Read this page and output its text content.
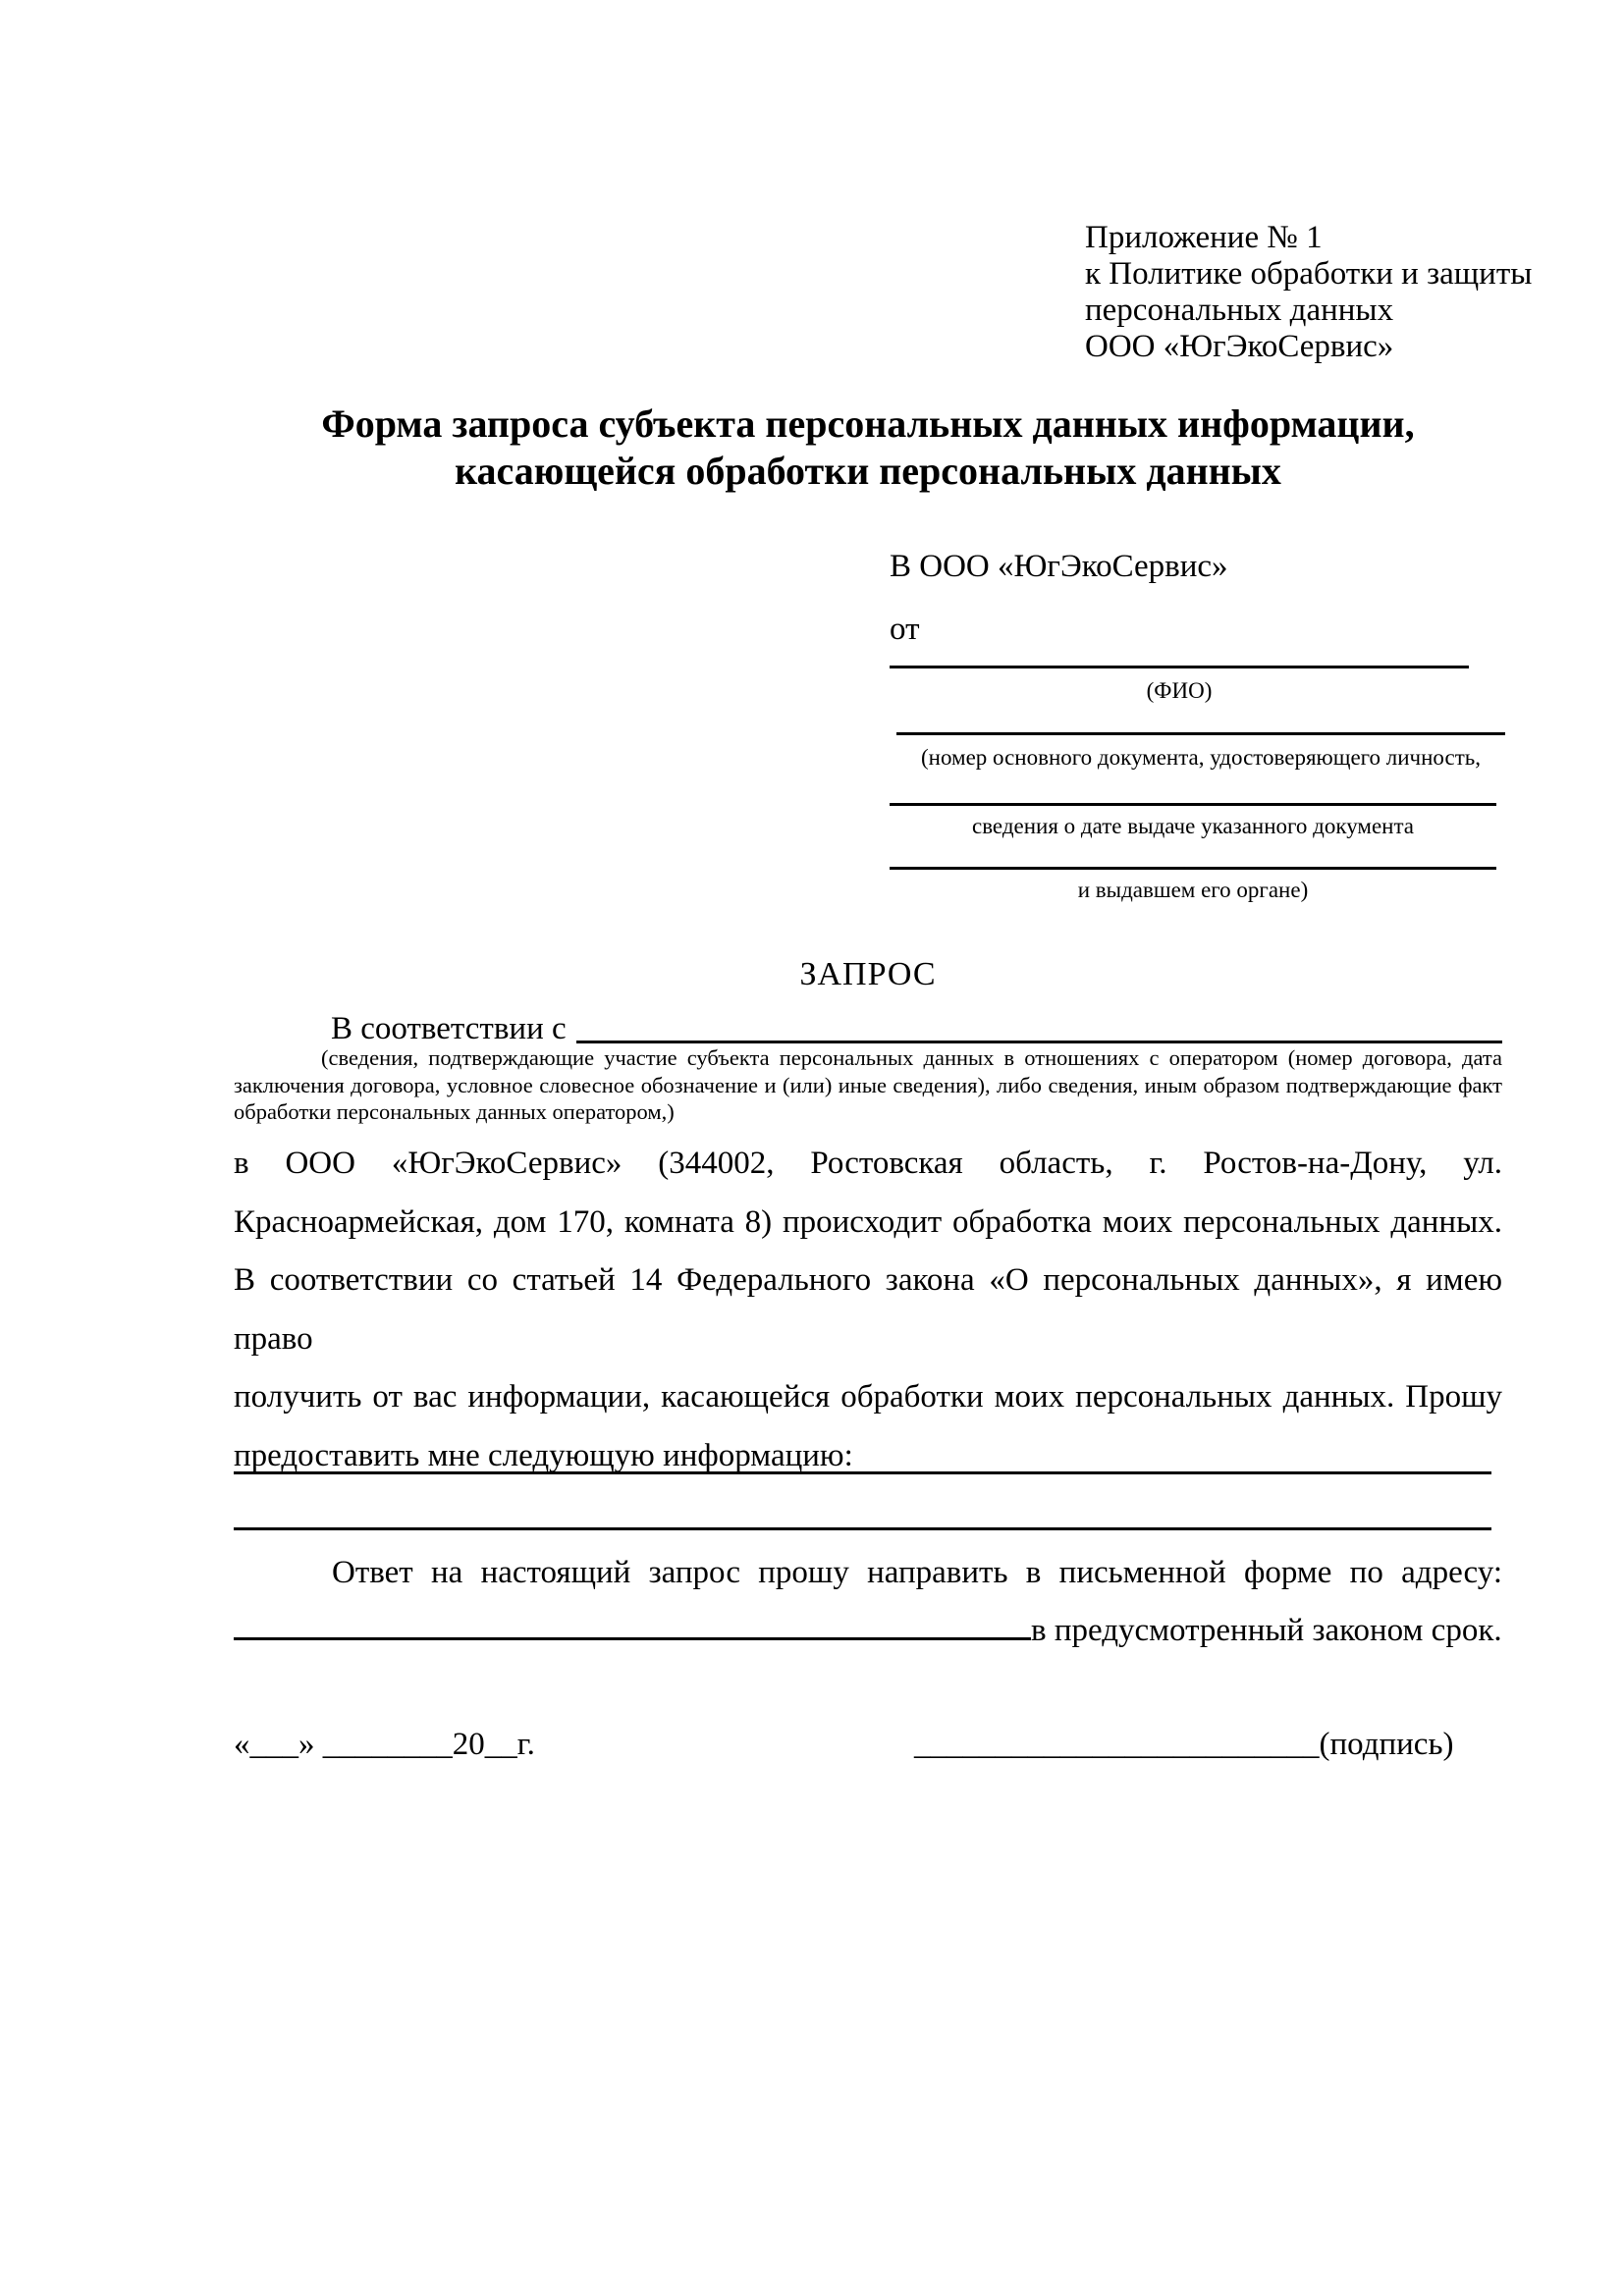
Приложение № 1
к Политике обработки и защиты
персональных данных
ООО «ЮгЭкоСервис»
Форма запроса субъекта персональных данных информации,
касающейся обработки персональных данных
В ООО «ЮгЭкоСервис»
от
(ФИО)
(номер основного документа, удостоверяющего личность,
сведения о дате выдаче указанного документа
и выдавшем его органе)
ЗАПРОС
В соответствии с
(сведения, подтверждающие участие субъекта персональных данных в отношениях с оператором (номер договора, дата
заключения договора, условное словесное обозначение и (или) иные сведения), либо сведения, иным образом подтверждающие факт
обработки персональных данных оператором,)
в ООО «ЮгЭкоСервис» (344002, Ростовская область, г. Ростов-на-Дону, ул.
Красноармейская, дом 170, комната 8) происходит обработка моих персональных данных.
В соответствии со статьей 14 Федерального закона «О персональных данных», я имею право
получить от вас информации, касающейся обработки моих персональных данных. Прошу
предоставить мне следующую информацию:
Ответ на настоящий запрос прошу направить в письменной форме по адресу:
в предусмотренный законом срок.
«___» ________20__г.	_________________________(подпись)
